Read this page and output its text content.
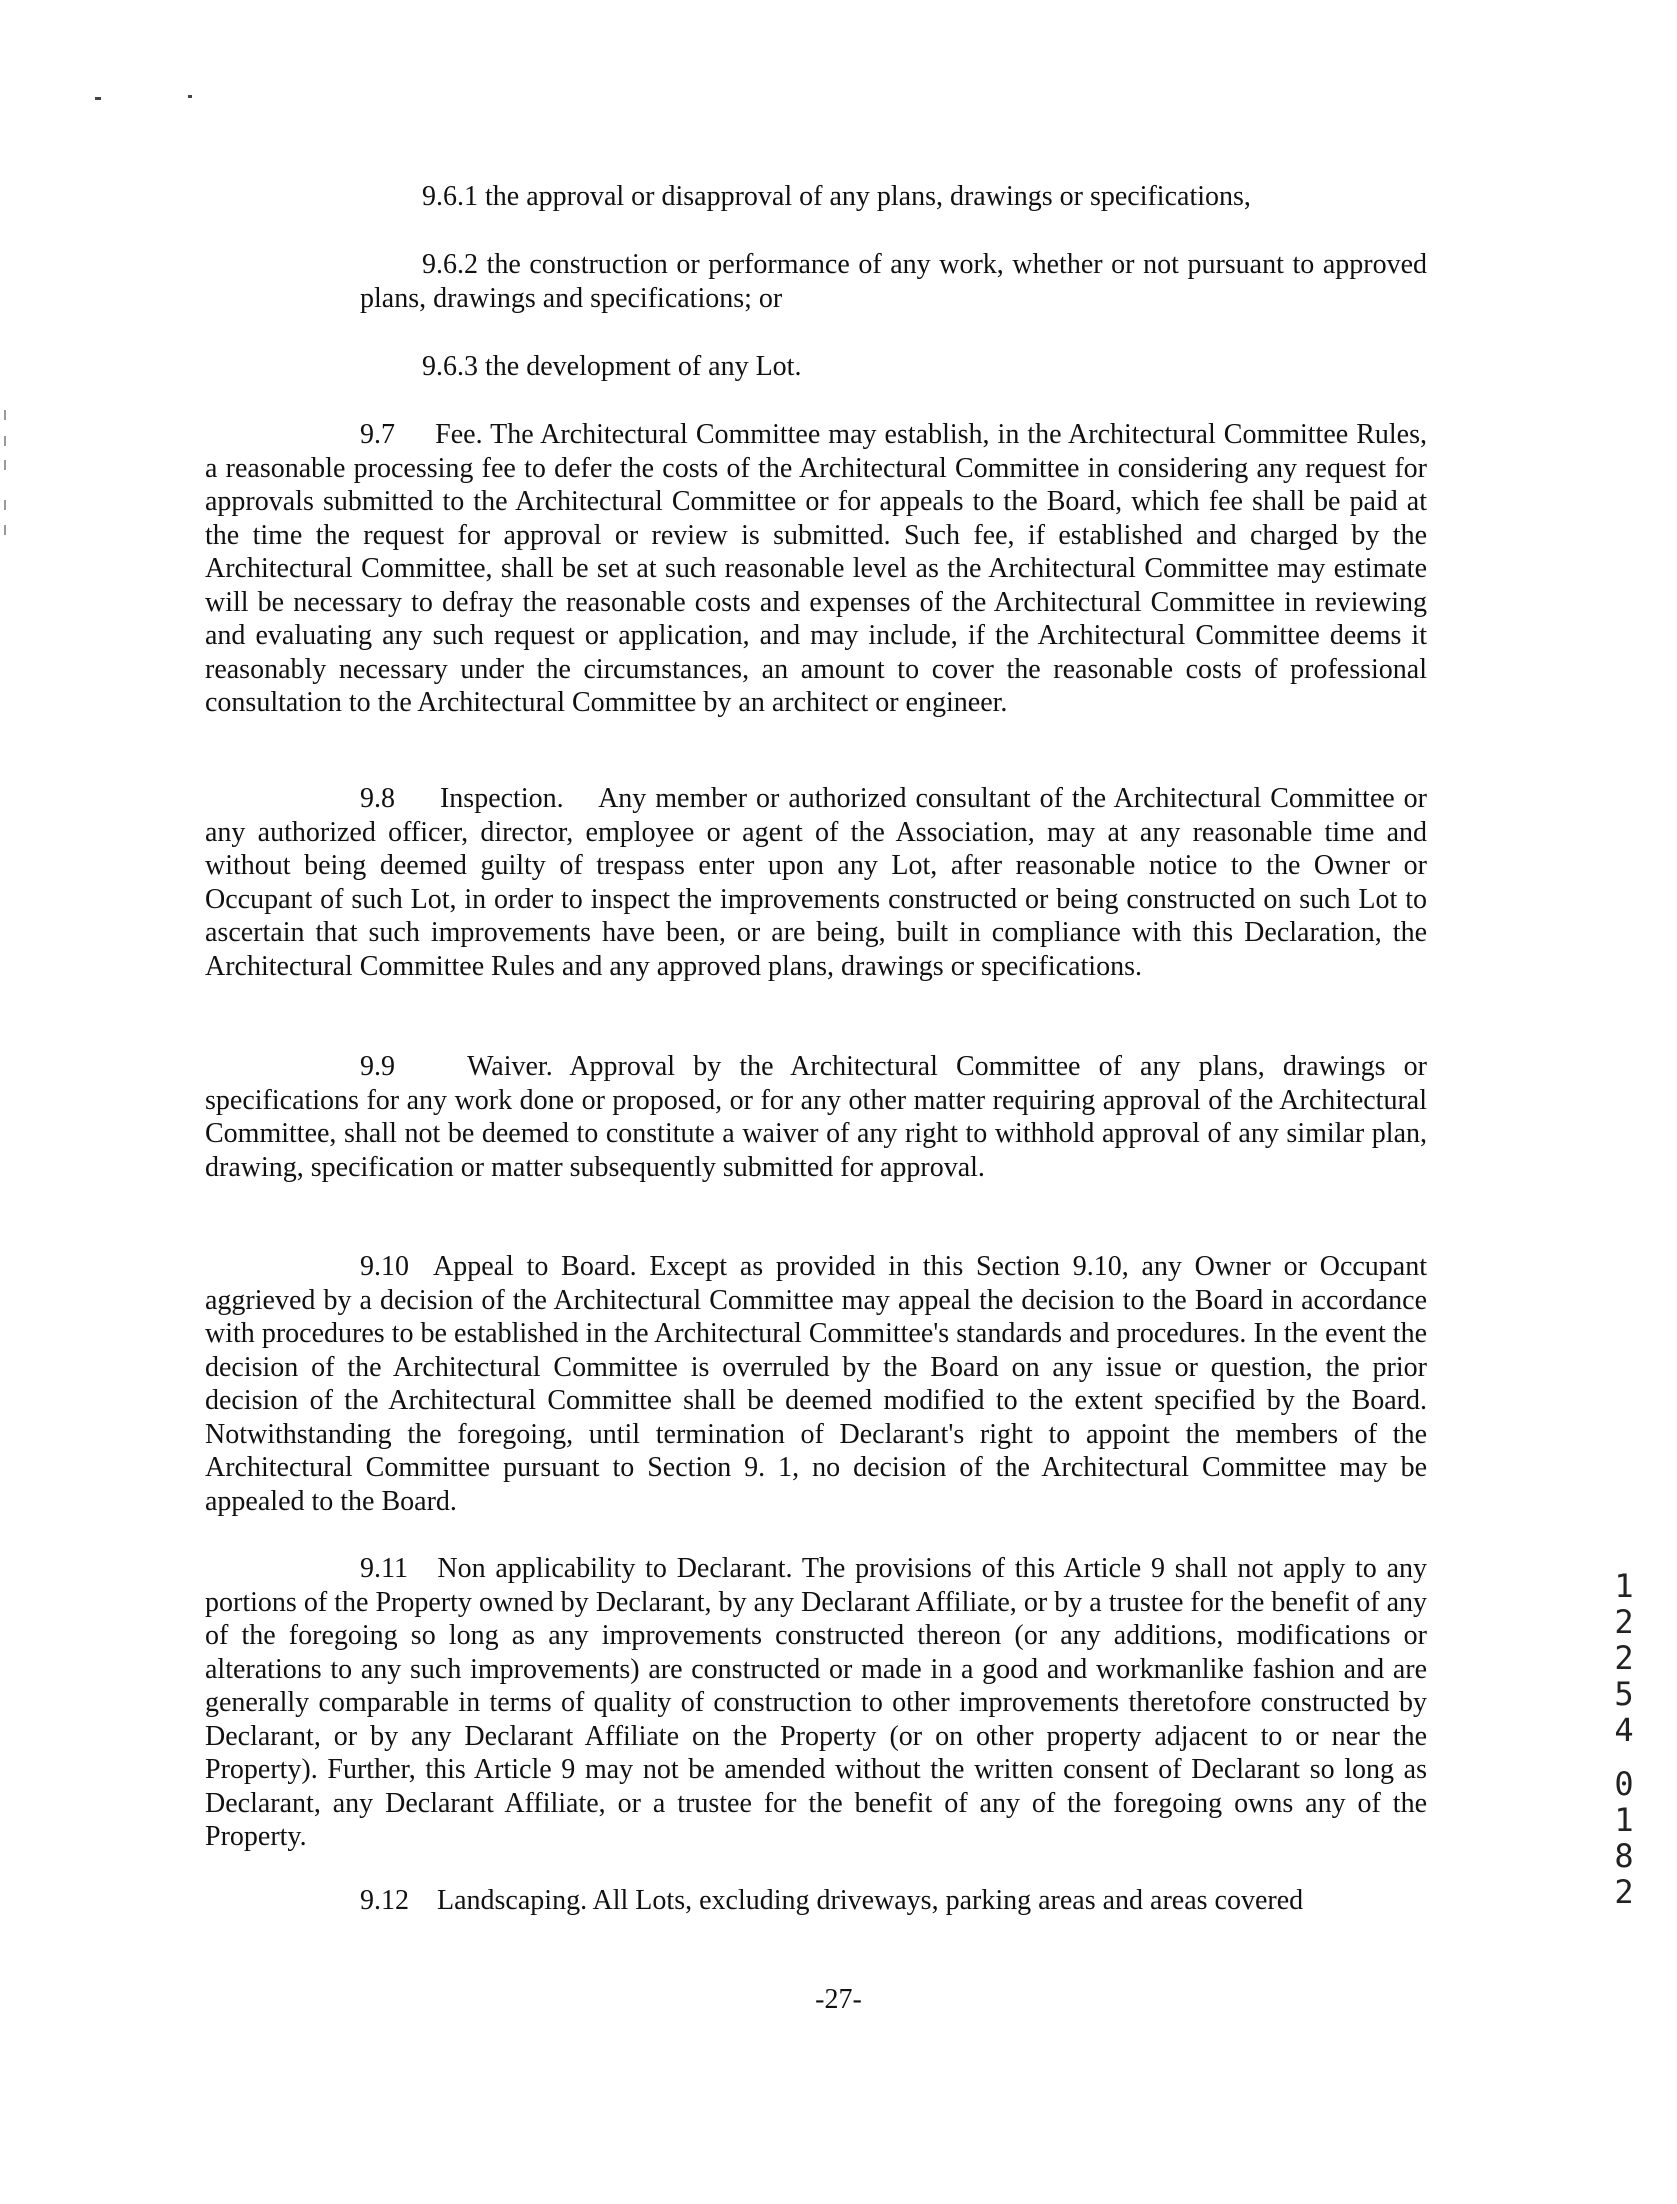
9.6.1 the approval or disapproval of any plans, drawings or specifications,

9.6.2 the construction or performance of any work, whether or not pursuant to approved plans, drawings and specifications; or

9.6.3 the development of any Lot.

9.7 Fee. The Architectural Committee may establish, in the Architectural Committee Rules, a reasonable processing fee to defer the costs of the Architectural Committee in considering any request for approvals submitted to the Architectural Committee or for appeals to the Board, which fee shall be paid at the time the request for approval or review is submitted. Such fee, if established and charged by the Architectural Committee, shall be set at such reasonable level as the Architectural Committee may estimate will be necessary to defray the reasonable costs and expenses of the Architectural Committee in reviewing and evaluating any such request or application, and may include, if the Architectural Committee deems it reasonably necessary under the circumstances, an amount to cover the reasonable costs of professional consultation to the Architectural Committee by an architect or engineer.

9.8 Inspection. Any member or authorized consultant of the Architectural Committee or any authorized officer, director, employee or agent of the Association, may at any reasonable time and without being deemed guilty of trespass enter upon any Lot, after reasonable notice to the Owner or Occupant of such Lot, in order to inspect the improvements constructed or being constructed on such Lot to ascertain that such improvements have been, or are being, built in compliance with this Declaration, the Architectural Committee Rules and any approved plans, drawings or specifications.

9.9	Waiver. Approval by the Architectural Committee of any plans, drawings or specifications for any work done or proposed, or for any other matter requiring approval of the Architectural Committee, shall not be deemed to constitute a waiver of any right to withhold approval of any similar plan, drawing, specification or matter subsequently submitted for approval.

9.10 Appeal to Board. Except as provided in this Section 9.10, any Owner or Occupant aggrieved by a decision of the Architectural Committee may appeal the decision to the Board in accordance with procedures to be established in the Architectural Committee's standards and procedures. In the event the decision of the Architectural Committee is overruled by the Board on any issue or question, the prior decision of the Architectural Committee shall be deemed modified to the extent specified by the Board. Notwithstanding the foregoing, until termination of Declarant's right to appoint the members of the Architectural Committee pursuant to Section 9. 1, no decision of the Architectural Committee may be appealed to the Board.

9.11 Non applicability to Declarant. The provisions of this Article 9 shall not apply to any portions of the Property owned by Declarant, by any Declarant Affiliate, or by a trustee for the benefit of any of the foregoing so long as any improvements constructed thereon (or any additions, modifications or alterations to any such improvements) are constructed or made in a good and workmanlike fashion and are generally comparable in terms of quality of construction to other improvements theretofore constructed by Declarant, or by any Declarant Affiliate on the Property (or on other property adjacent to or near the Property). Further, this Article 9 may not be amended without the written consent of Declarant so long as Declarant, any Declarant Affiliate, or a trustee for the benefit of any of the foregoing owns any of the Property.

9.12 Landscaping. All Lots, excluding driveways, parking areas and areas covered

-27-

1
2
2
5
4
0
1
8
2
